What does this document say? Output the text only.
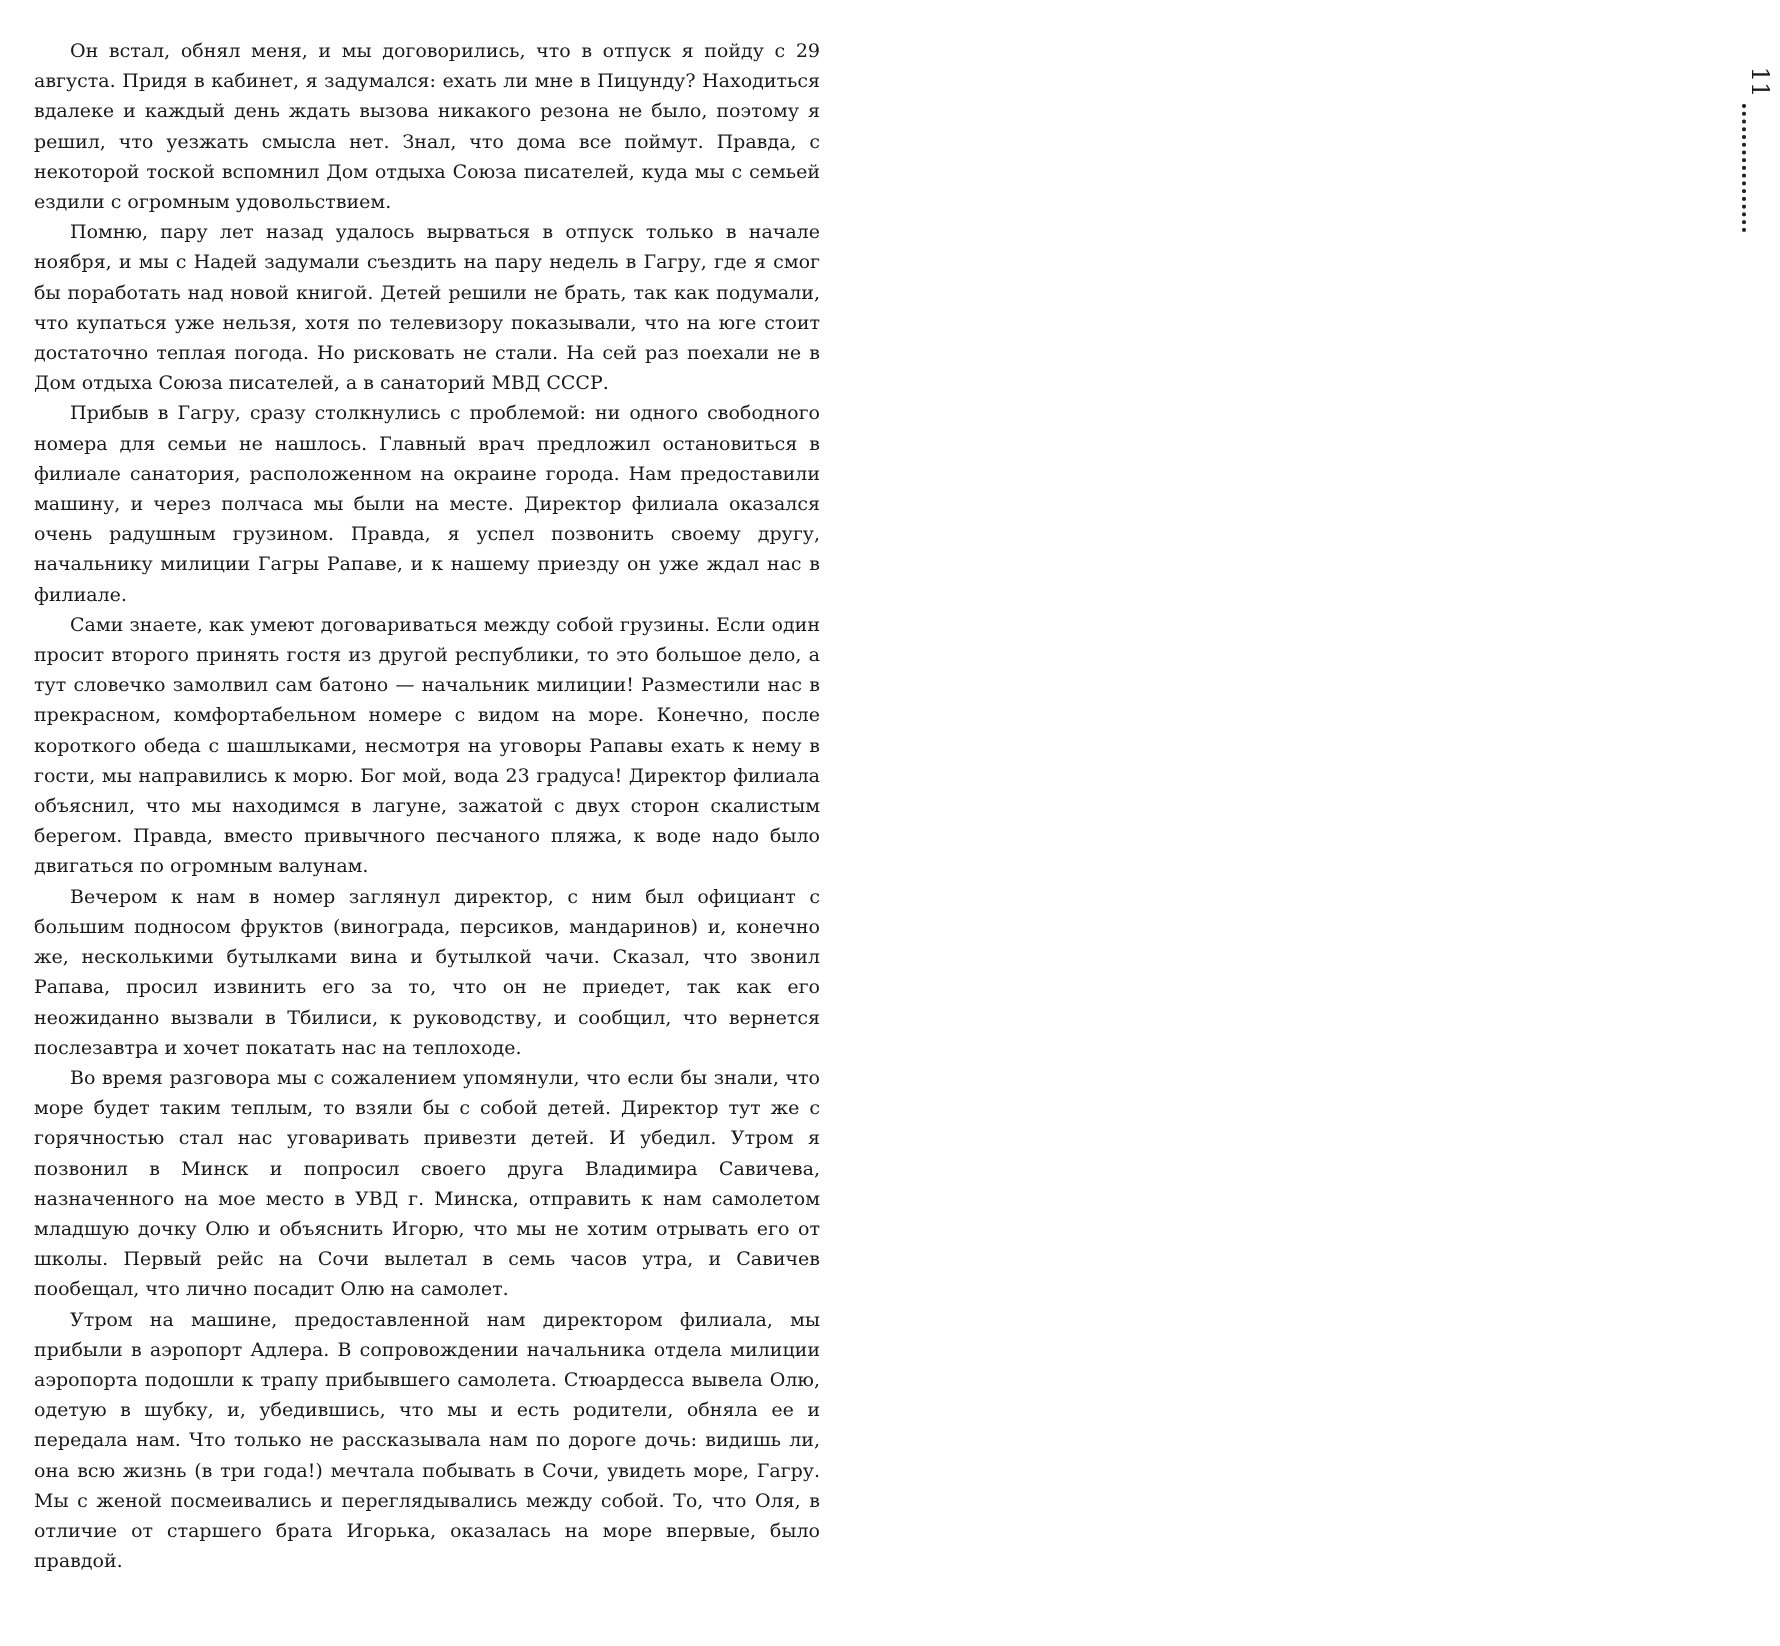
Он встал, обнял меня, и мы договорились, что в отпуск я пойду с 29 августа. Придя в кабинет, я задумался: ехать ли мне в Пицунду? Находиться вдалеке и каждый день ждать вызова никакого резона не было, поэтому я решил, что уезжать смысла нет. Знал, что дома все поймут. Правда, с некоторой тоской вспомнил Дом отдыха Союза писателей, куда мы с семьей ездили с огромным удовольствием.

Помню, пару лет назад удалось вырваться в отпуск только в начале ноября, и мы с Надей задумали съездить на пару недель в Гагру, где я смог бы поработать над новой книгой. Детей решили не брать, так как подумали, что купаться уже нельзя, хотя по телевизору показывали, что на юге стоит достаточно теплая погода. Но рисковать не стали. На сей раз поехали не в Дом отдыха Союза писателей, а в санаторий МВД СССР.

Прибыв в Гагру, сразу столкнулись с проблемой: ни одного свободного номера для семьи не нашлось. Главный врач предложил остановиться в филиале санатория, расположенном на окраине города. Нам предоставили машину, и через полчаса мы были на месте. Директор филиала оказался очень радушным грузином. Правда, я успел позвонить своему другу, начальнику милиции Гагры Рапаве, и к нашему приезду он уже ждал нас в филиале.

Сами знаете, как умеют договариваться между собой грузины. Если один просит второго принять гостя из другой республики, то это большое дело, а тут словечко замолвил сам батоно — начальник милиции! Разместили нас в прекрасном, комфортабельном номере с видом на море. Конечно, после короткого обеда с шашлыками, несмотря на уговоры Рапавы ехать к нему в гости, мы направились к морю. Бог мой, вода 23 градуса! Директор филиала объяснил, что мы находимся в лагуне, зажатой с двух сторон скалистым берегом. Правда, вместо привычного песчаного пляжа, к воде надо было двигаться по огромным валунам.

Вечером к нам в номер заглянул директор, с ним был официант с большим подносом фруктов (винограда, персиков, мандаринов) и, конечно же, несколькими бутылками вина и бутылкой чачи. Сказал, что звонил Рапава, просил извинить его за то, что он не приедет, так как его неожиданно вызвали в Тбилиси, к руководству, и сообщил, что вернется послезавтра и хочет покатать нас на теплоходе.

Во время разговора мы с сожалением упомянули, что если бы знали, что море будет таким теплым, то взяли бы с собой детей. Директор тут же с горячностью стал нас уговаривать привезти детей. И убедил. Утром я позвонил в Минск и попросил своего друга Владимира Савичева, назначенного на мое место в УВД г. Минска, отправить к нам самолетом младшую дочку Олю и объяснить Игорю, что мы не хотим отрывать его от школы. Первый рейс на Сочи вылетал в семь часов утра, и Савичев пообещал, что лично посадит Олю на самолет.

Утром на машине, предоставленной нам директором филиала, мы прибыли в аэропорт Адлера. В сопровождении начальника отдела милиции аэропорта подошли к трапу прибывшего самолета. Стюардесса вывела Олю, одетую в шубку, и, убедившись, что мы и есть родители, обняла ее и передала нам. Что только не рассказывала нам по дороге дочь: видишь ли, она всю жизнь (в три года!) мечтала побывать в Сочи, увидеть море, Гагру. Мы с женой посмеивались и переглядывались между собой. То, что Оля, в отличие от старшего брата Игорька, оказалась на море впервые, было правдой.

11
